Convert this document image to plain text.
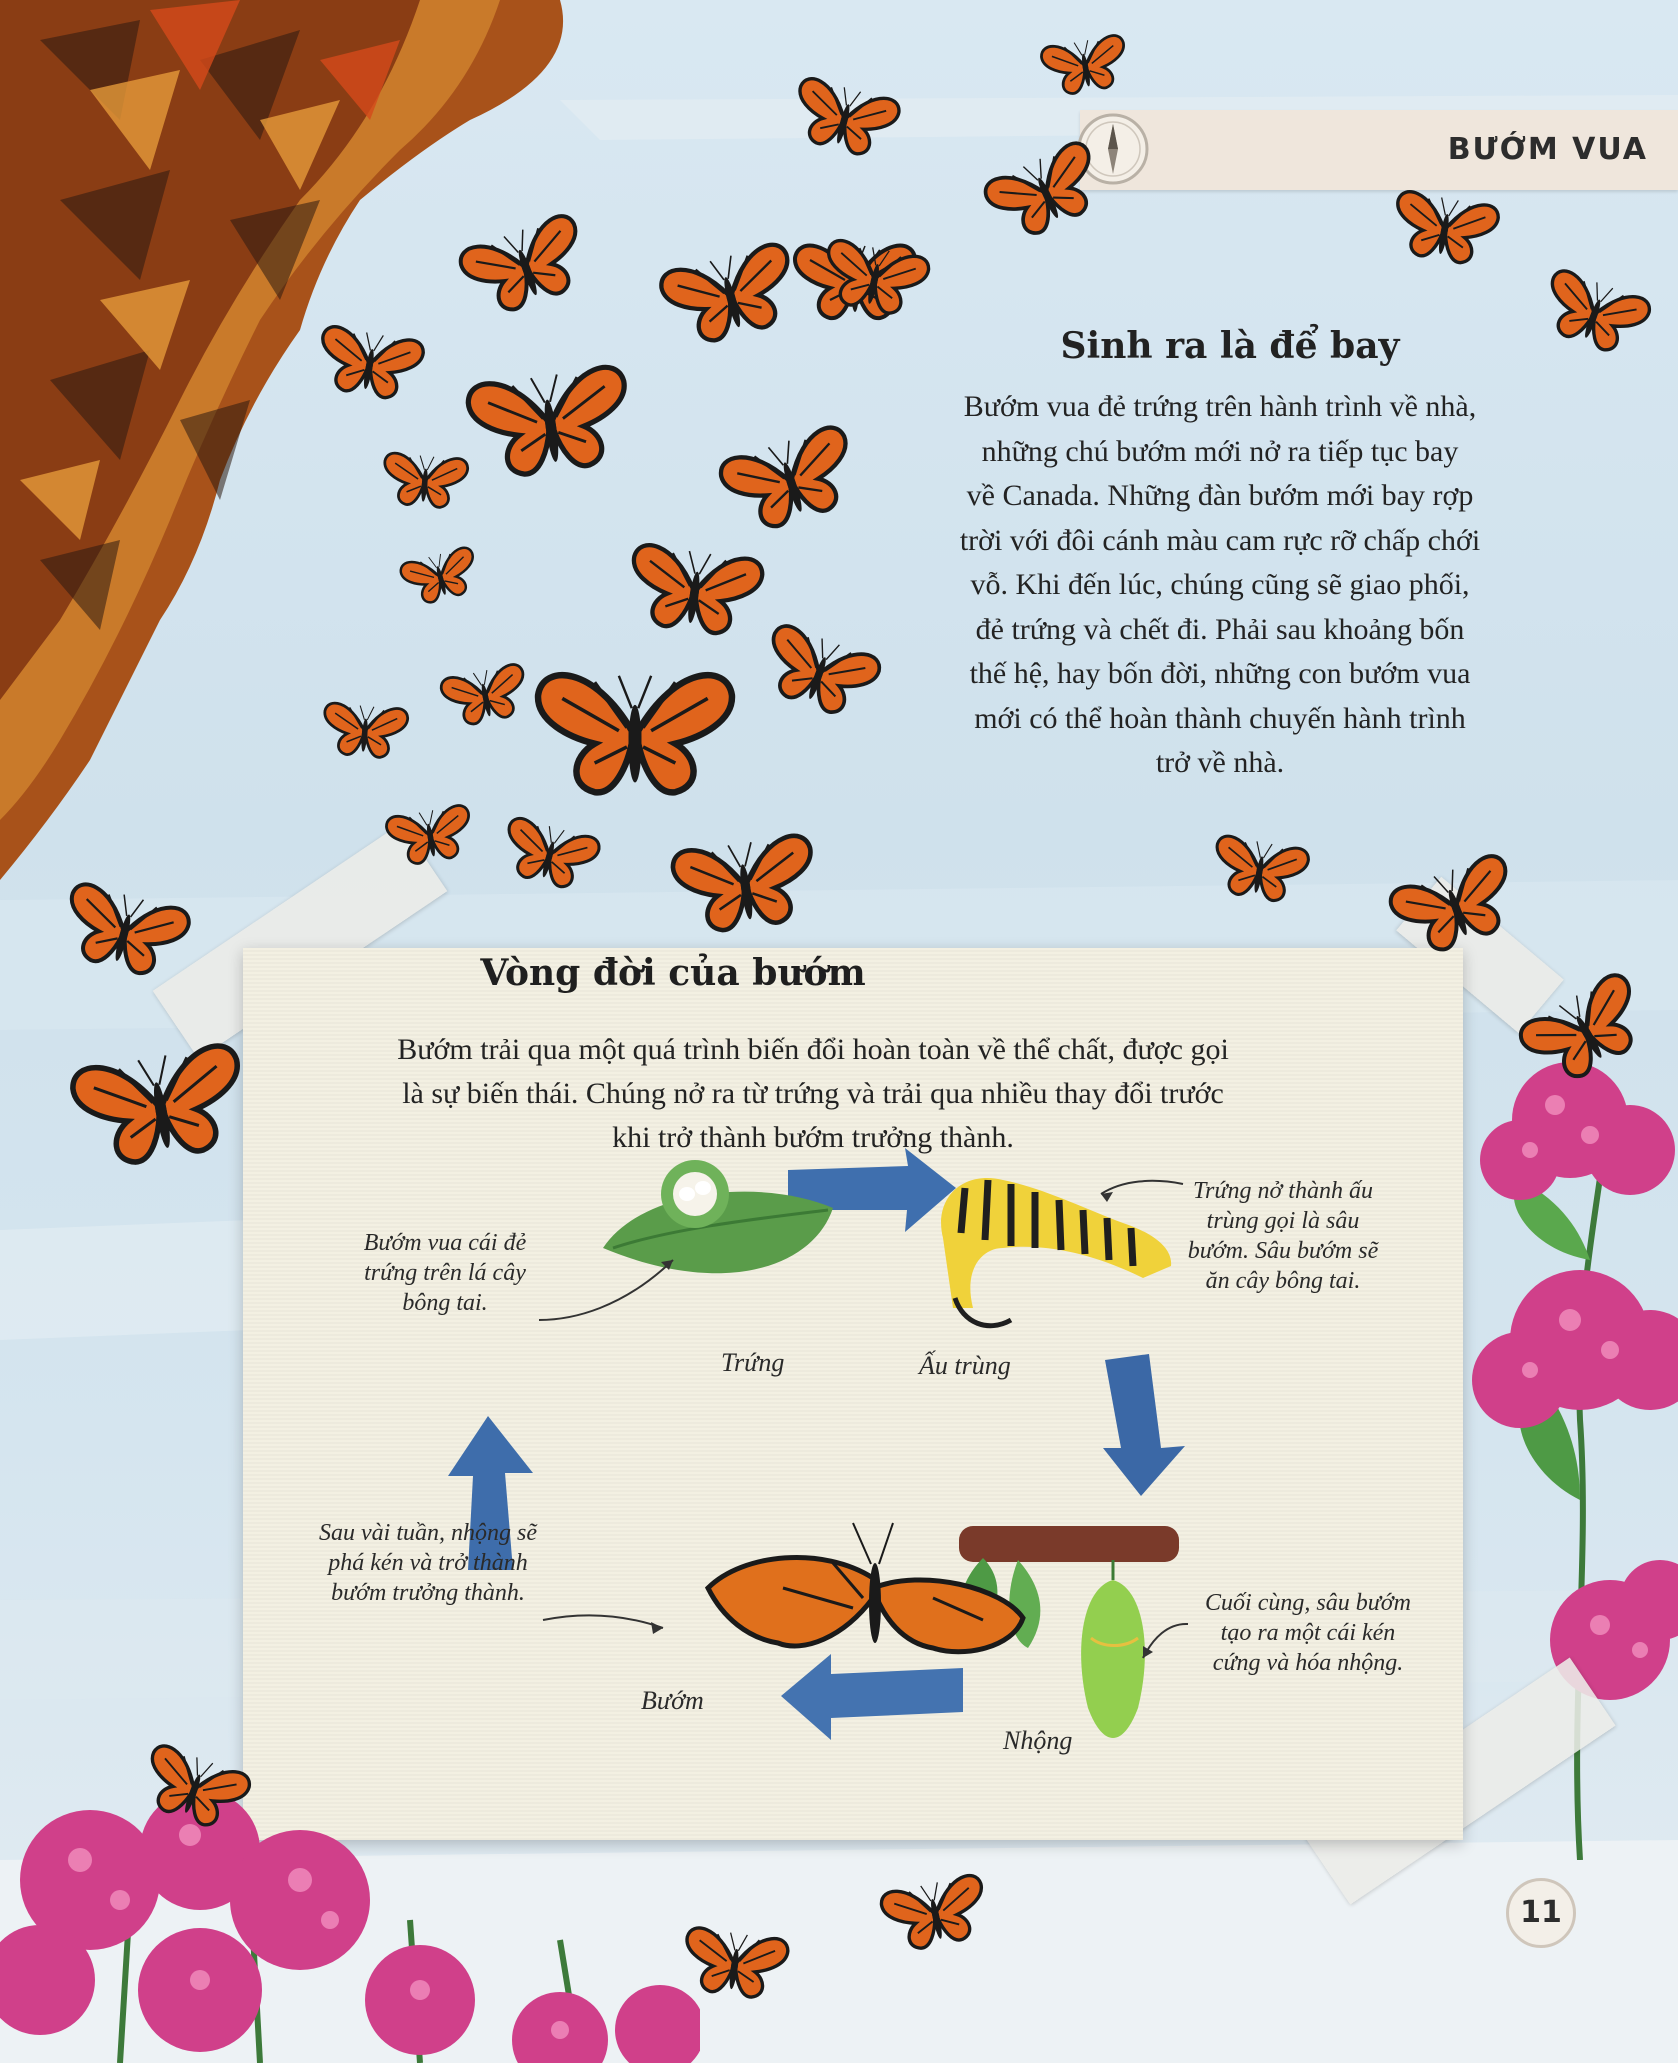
BƯỚM VUA
Sinh ra là để bay

Bướm vua đẻ trứng trên hành trình về nhà,
những chú bướm mới nở ra tiếp tục bay
về Canada. Những đàn bướm mới bay rợp
trời với đôi cánh màu cam rực rỡ chấp chới
vỗ. Khi đến lúc, chúng cũng sẽ giao phối,
đẻ trứng và chết đi. Phải sau khoảng bốn
thế hệ, hay bốn đời, những con bướm vua
mới có thể hoàn thành chuyến hành trình
trở về nhà.

Vòng đời của bướm

Bướm trải qua một quá trình biến đổi hoàn toàn về thể chất, được gọi
là sự biến thái. Chúng nở ra từ trứng và trải qua nhiều thay đổi trước
khi trở thành bướm trưởng thành.

Bướm vua cái đẻ
trứng trên lá cây
bông tai.

Trứng

Trứng nở thành ấu
trùng gọi là sâu
bướm. Sâu bướm sẽ
ăn cây bông tai.

Ấu trùng

Cuối cùng, sâu bướm
tạo ra một cái kén
cứng và hóa nhộng.

Nhộng

Sau vài tuần, nhộng sẽ
phá kén và trở thành
bướm trưởng thành.

Bướm
11
